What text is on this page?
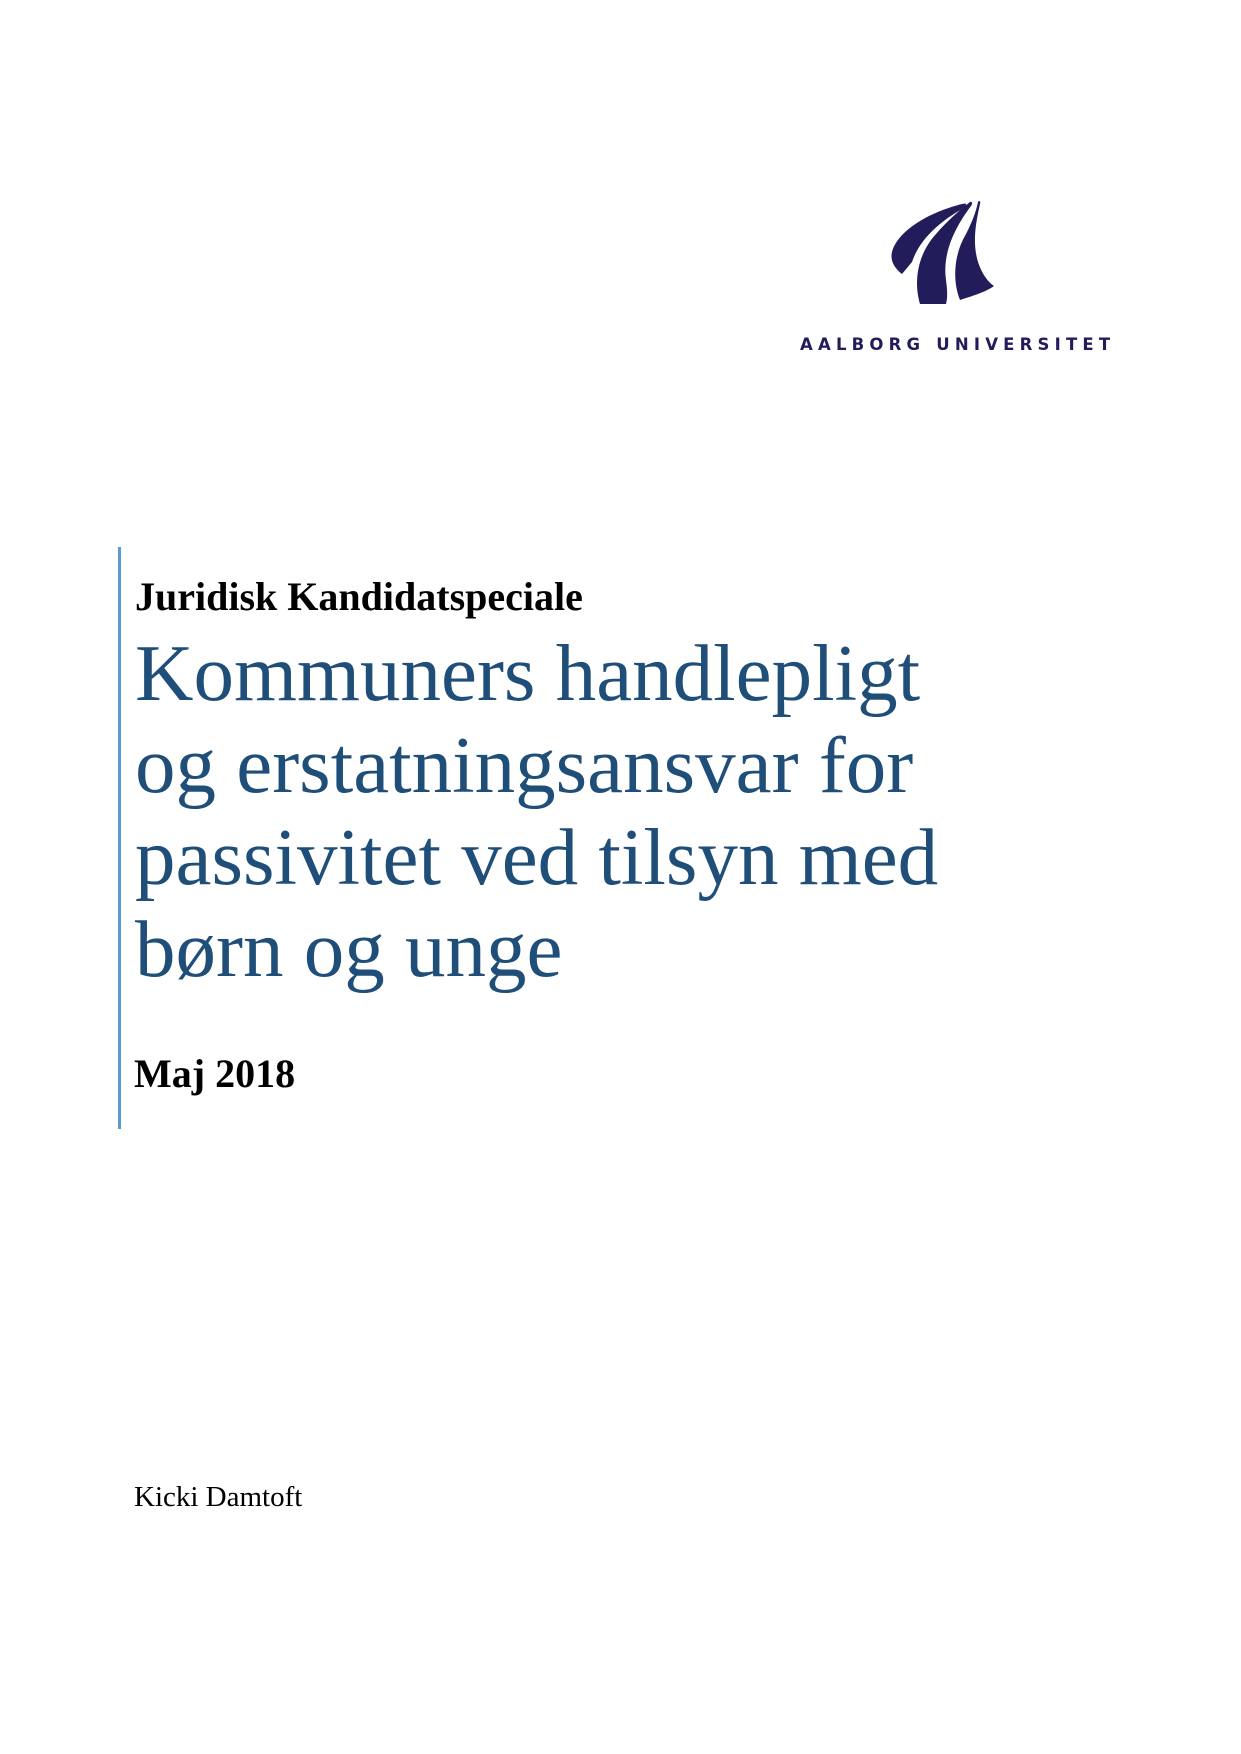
AALBORG UNIVERSITET
Juridisk Kandidatspeciale
Kommuners handlepligt
og erstatningsansvar for
passivitet ved tilsyn med
børn og unge
Maj 2018
Kicki Damtoft
